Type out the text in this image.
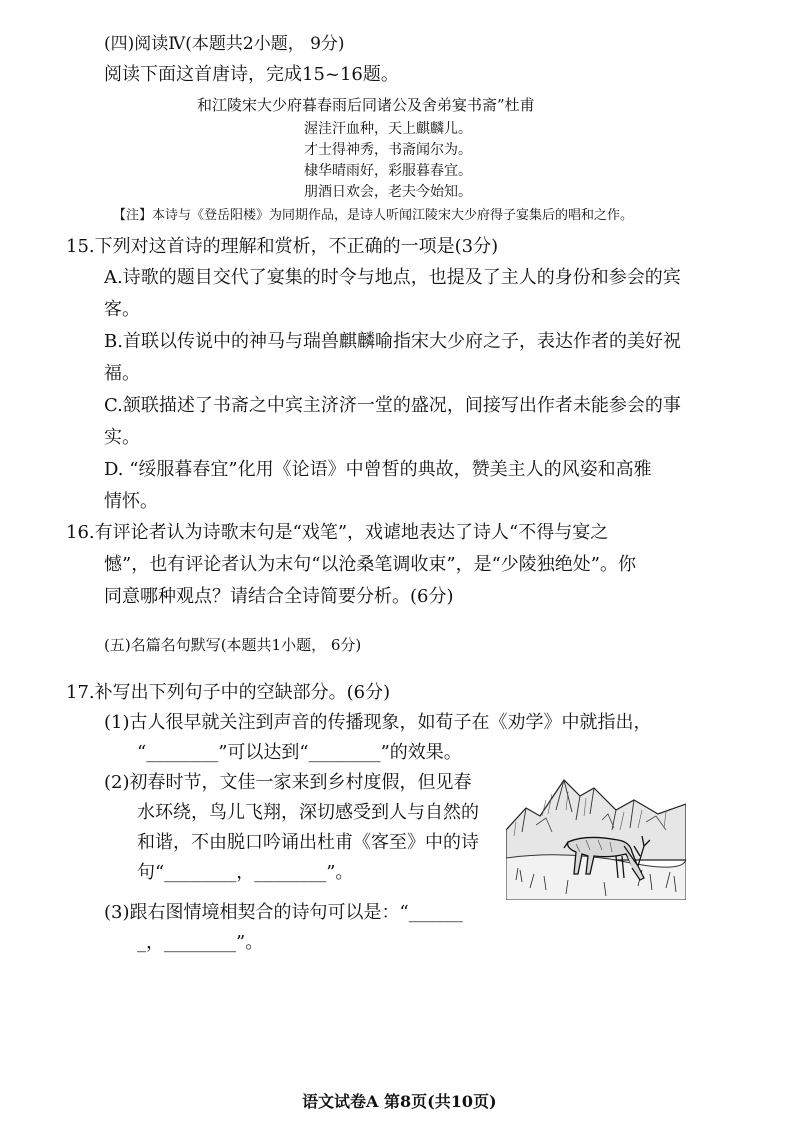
(四)阅读Ⅳ(本题共2小题， 9分)
阅读下面这首唐诗，完成15~16题。
和江陵宋大少府暮春雨后同诸公及舍弟宴书斋”杜甫
渥洼汗血种，天上麒麟儿。
才士得神秀，书斋闻尔为。
棣华晴雨好，彩服暮春宜。
朋酒日欢会，老夫今始知。
【注】本诗与《登岳阳楼》为同期作品，是诗人听闻江陵宋大少府得子宴集后的唱和之作。
15.下列对这首诗的理解和赏析，不正确的一项是(3分)
A.诗歌的题目交代了宴集的时令与地点，也提及了主人的身份和参会的宾
客。
B.首联以传说中的神马与瑞兽麒麟喻指宋大少府之子，表达作者的美好祝
福。
C.颔联描述了书斋之中宾主济济一堂的盛况，间接写出作者未能参会的事
实。
D. “绥服暮春宜”化用《论语》中曾皙的典故，赞美主人的风姿和高雅
情怀。
16.有评论者认为诗歌末句是“戏笔”，戏谑地表达了诗人“不得与宴之
憾”，也有评论者认为末句“以沧桑笔调收束”，是“少陵独绝处”。你
同意哪种观点？请结合全诗简要分析。(6分)
(五)名篇名句默写(本题共1小题， 6分)
17.补写出下列句子中的空缺部分。(6分)
(1)古人很早就关注到声音的传播现象，如荀子在《劝学》中就指出，
“________”可以达到“________”的效果。
(2)初春时节，文佳一家来到乡村度假，但见春
水环绕，鸟儿飞翔，深切感受到人与自然的
和谐，不由脱口吟诵出杜甫《客至》中的诗
句“________，________”。
(3)跟右图情境相契合的诗句可以是：“______
_，________”。
语文试卷A 第8页(共10页)
